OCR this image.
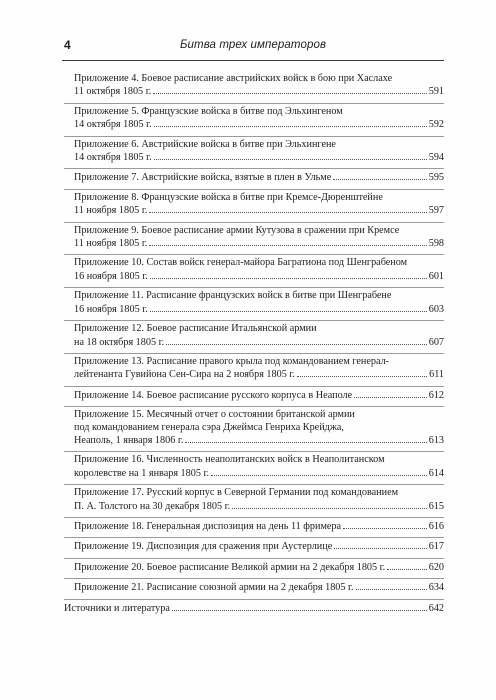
4	Битва трех императоров
Приложение 4. Боевое расписание австрийских войск в бою при Хаслахе
11 октября 1805 г.	591
Приложение 5. Французские войска в битве под Эльхингеном
14 октября 1805 г.	592
Приложение 6. Австрийские войска в битве при Эльхингене
14 октября 1805 г.	594
Приложение 7. Австрийские войска, взятые в плен в Ульме	595
Приложение 8. Французские войска в битве при Кремсе-Дюренштейне
11 ноября 1805 г.	597
Приложение 9. Боевое расписание армии Кутузова в сражении при Кремсе
11 ноября 1805 г.	598
Приложение 10. Состав войск генерал-майора Багратиона под Шенграбеном
16 ноября 1805 г.	601
Приложение 11. Расписание французских войск в битве при Шенграбене
16 ноября 1805 г.	603
Приложение 12. Боевое расписание Итальянской армии
на 18 октября 1805 г.	607
Приложение 13. Расписание правого крыла под командованием генерал-
лейтенанта Гувийона Сен-Сира на 2 ноября 1805 г.	611
Приложение 14. Боевое расписание русского корпуса в Неаполе	612
Приложение 15. Месячный отчет о состоянии британской армии
под командованием генерала сэра Джеймса Генриха Крейджа,
Неаполь, 1 января 1806 г.	613
Приложение 16. Численность неаполитанских войск в Неаполитанском
королевстве на 1 января 1805 г.	614
Приложение 17. Русский корпус в Северной Германии под командованием
П. А. Толстого на 30 декабря 1805 г.	615
Приложение 18. Генеральная диспозиция на день 11 фримера	616
Приложение 19. Диспозиция для сражения при Аустерлице	617
Приложение 20. Боевое расписание Великой армии на 2 декабря 1805 г.	620
Приложение 21. Расписание союзной армии на 2 декабря 1805 г.	634
Источники и литература	642
